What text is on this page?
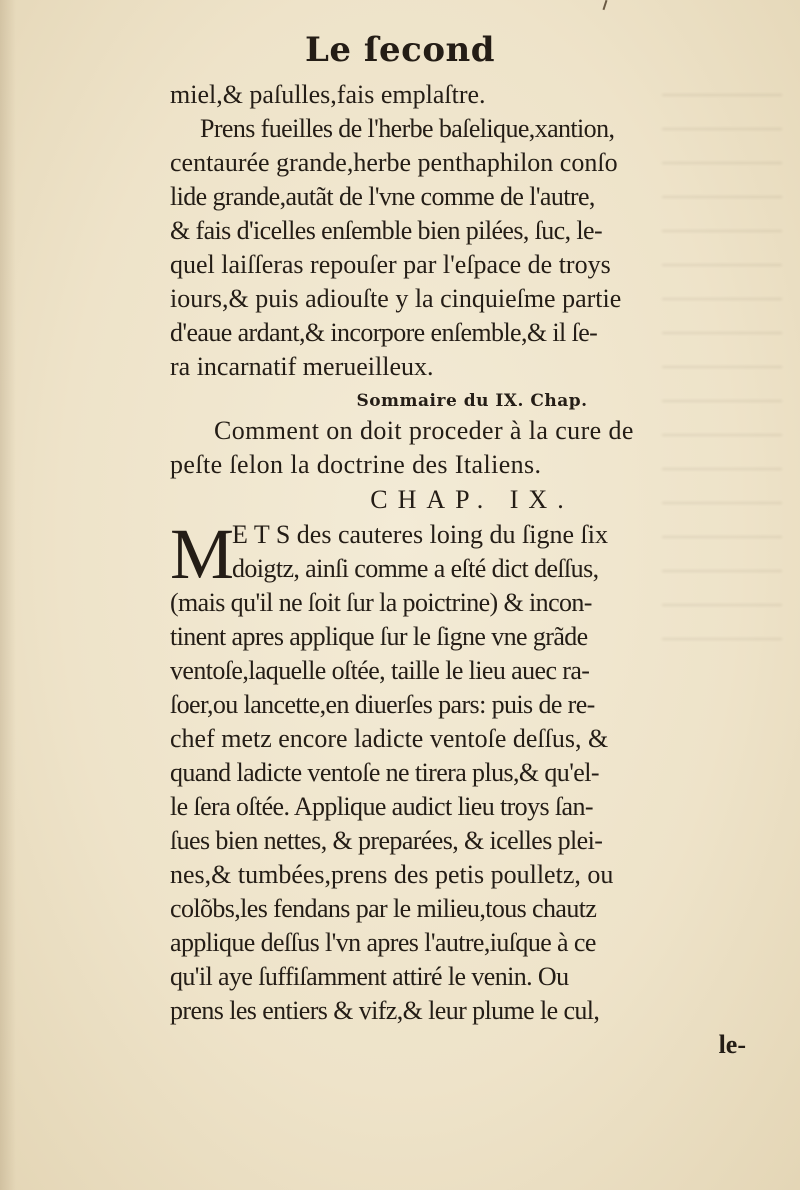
Le ſecond
miel,& paſulles,fais emplaſtre.
Prens fueilles de l'herbe baſelique,xantion,
centaurée grande,herbe penthaphilon conſo
lide grande,autãt de l'vne comme de l'autre,
& fais d'icelles enſemble bien pilées, ſuc, le-
quel laiſſeras repouſer par l'eſpace de troys
iours,& puis adiouſte y la cinquieſme partie
d'eaue ardant,& incorpore enſemble,& il ſe-
ra incarnatif merueilleux.
Sommaire du IX. Chap.
Comment on doit proceder à la cure de
peſte ſelon la doctrine des Italiens.
CHAP. IX.
M
E T S des cauteres loing du ſigne ſix
doigtz, ainſi comme a eſté dict deſſus,
(mais qu'il ne ſoit ſur la poictrine) & incon-
tinent apres applique ſur le ſigne vne grãde
ventoſe,laquelle oſtée, taille le lieu auec ra-
ſoer,ou lancette,en diuerſes pars: puis de re-
chef metz encore ladicte ventoſe deſſus, &
quand ladicte ventoſe ne tirera plus,& qu'el-
le ſera oſtée. Applique audict lieu troys ſan-
ſues bien nettes, & preparées, & icelles plei-
nes,& tumbées,prens des petis poulletz, ou
colõbs,les fendans par le milieu,tous chautz
applique deſſus l'vn apres l'autre,iuſque à ce
qu'il aye ſuffiſamment attiré le venin. Ou
prens les entiers & vifz,& leur plume le cul,
le-
